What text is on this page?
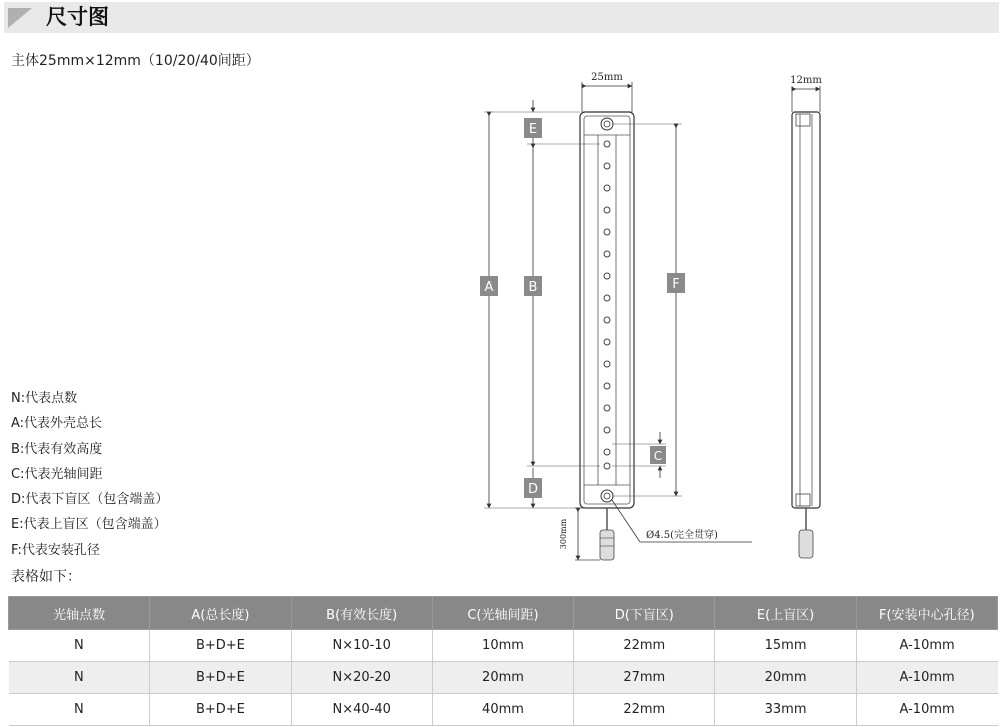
尺寸图
主体25mm×12mm（10/20/40间距）
25mm
300mm	Ø4.5(完全贯穿)
A
E
B
D
F
C
12mm
N:代表点数
A:代表外壳总长
B:代表有效高度
C:代表光轴间距
D:代表下盲区（包含端盖）
E:代表上盲区（包含端盖）
F:代表安装孔径
表格如下：
光轴点数	A(总长度)	B(有效长度)	C(光轴间距)	D(下盲区)	E(上盲区)	F(安装中心孔径)
N	B+D+E	N×10-10	10mm	22mm	15mm	A-10mm
N	B+D+E	N×20-20	20mm	27mm	20mm	A-10mm
N	B+D+E	N×40-40	40mm	22mm	33mm	A-10mm
